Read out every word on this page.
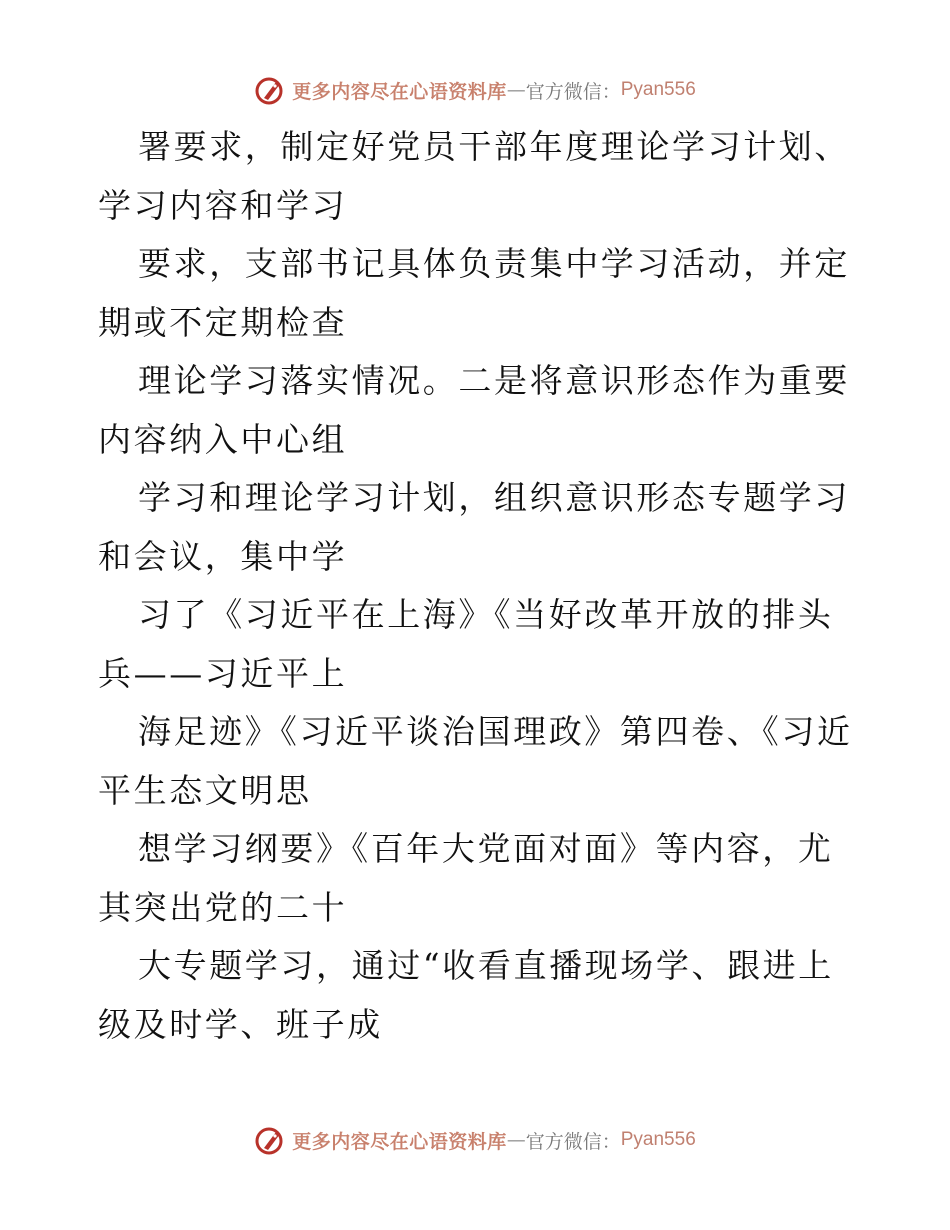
更多内容尽在心语资料库 — 官方微信： Pyan556

署要求，制定好党员干部年度理论学习计划、学习内容和学习

要求，支部书记具体负责集中学习活动，并定期或不定期检查

理论学习落实情况。二是将意识形态作为重要内容纳入中心组

学习和理论学习计划，组织意识形态专题学习和会议，集中学

习了《习近平在上海》《当好改革开放的排头兵——习近平上

海足迹》《习近平谈治国理政》第四卷、《习近平生态文明思

想学习纲要》《百年大党面对面》等内容，尤其突出党的二十

大专题学习，通过“收看直播现场学、跟进上级及时学、班子成

更多内容尽在心语资料库 — 官方微信： Pyan556
